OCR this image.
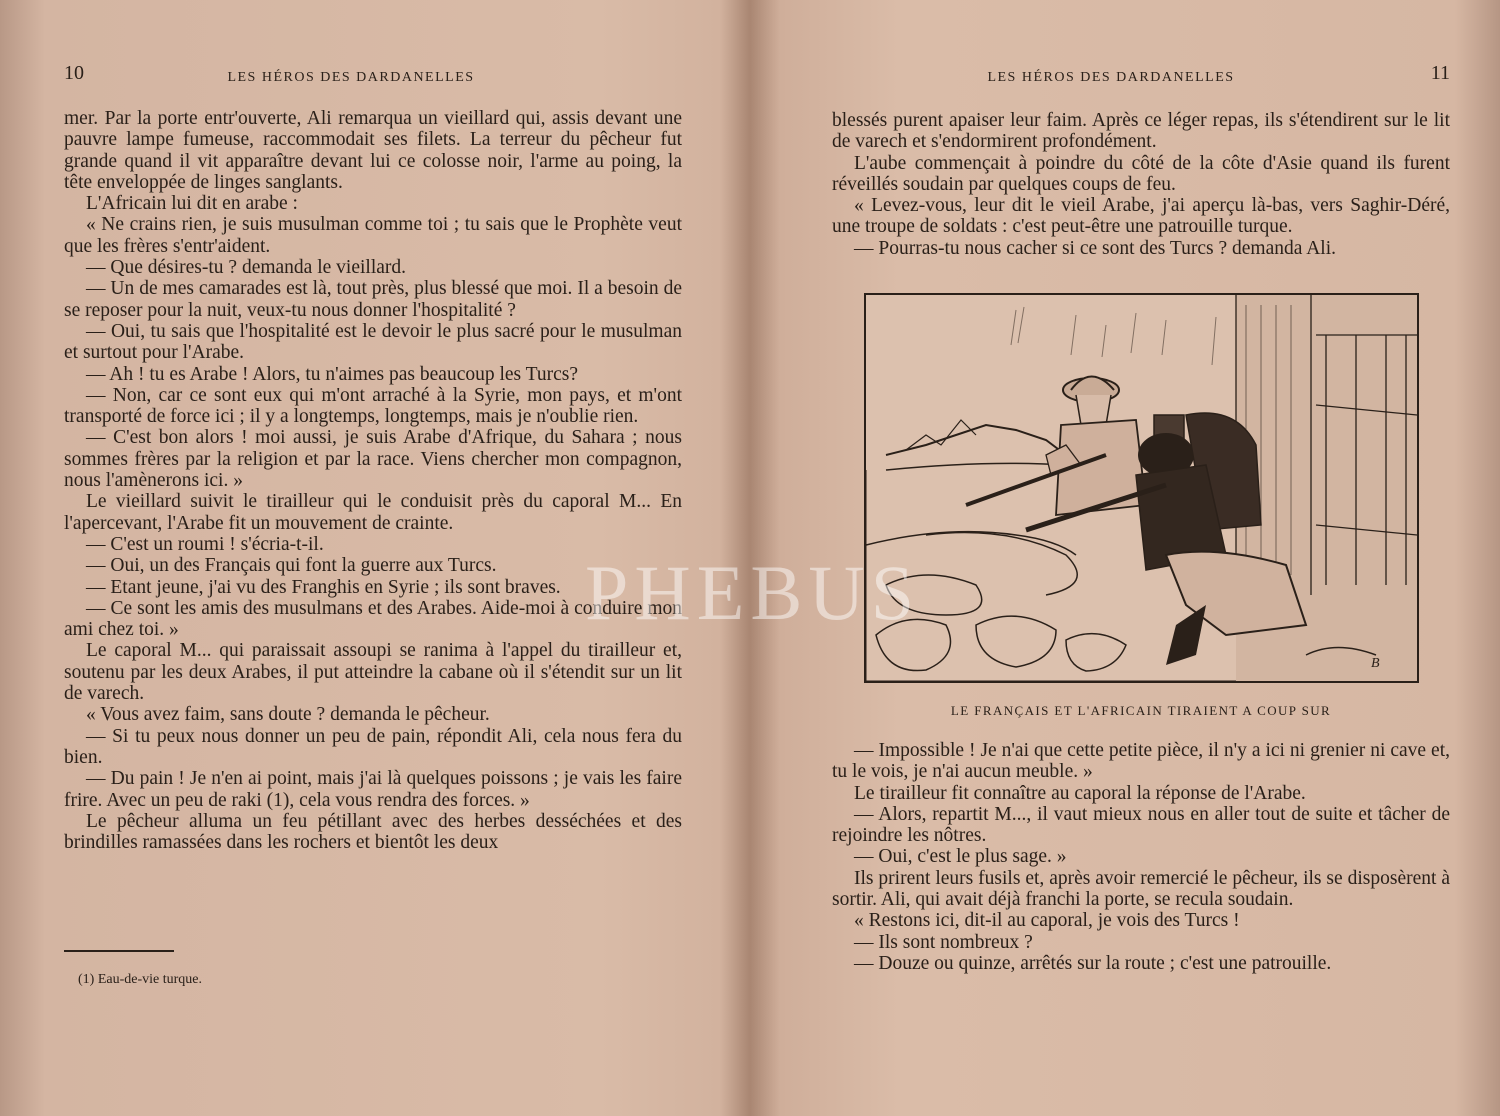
10	LES HÉROS DES DARDANELLES

mer. Par la porte entr'ouverte, Ali remarqua un vieillard qui, assis devant une pauvre lampe fumeuse, raccommodait ses filets. La terreur du pêcheur fut grande quand il vit apparaître devant lui ce colosse noir, l'arme au poing, la tête enveloppée de linges sanglants.

L'Africain lui dit en arabe :

« Ne crains rien, je suis musulman comme toi ; tu sais que le Prophète veut que les frères s'entr'aident.

— Que désires-tu ? demanda le vieillard.

— Un de mes camarades est là, tout près, plus blessé que moi. Il a besoin de se reposer pour la nuit, veux-tu nous donner l'hospitalité ?

— Oui, tu sais que l'hospitalité est le devoir le plus sacré pour le musulman et surtout pour l'Arabe.

— Ah ! tu es Arabe ! Alors, tu n'aimes pas beaucoup les Turcs?

— Non, car ce sont eux qui m'ont arraché à la Syrie, mon pays, et m'ont transporté de force ici ; il y a longtemps, longtemps, mais je n'oublie rien.

— C'est bon alors ! moi aussi, je suis Arabe d'Afrique, du Sahara ; nous sommes frères par la religion et par la race. Viens chercher mon compagnon, nous l'amènerons ici. »

Le vieillard suivit le tirailleur qui le conduisit près du caporal M... En l'apercevant, l'Arabe fit un mouvement de crainte.

— C'est un roumi ! s'écria-t-il.

— Oui, un des Français qui font la guerre aux Turcs.

— Etant jeune, j'ai vu des Franghis en Syrie ; ils sont braves.

— Ce sont les amis des musulmans et des Arabes. Aide-moi à conduire mon ami chez toi. »

Le caporal M... qui paraissait assoupi se ranima à l'appel du tirailleur et, soutenu par les deux Arabes, il put atteindre la cabane où il s'étendit sur un lit de varech.

« Vous avez faim, sans doute ? demanda le pêcheur.

— Si tu peux nous donner un peu de pain, répondit Ali, cela nous fera du bien.

— Du pain ! Je n'en ai point, mais j'ai là quelques poissons ; je vais les faire frire. Avec un peu de raki (1), cela vous rendra des forces. »

Le pêcheur alluma un feu pétillant avec des herbes desséchées et des brindilles ramassées dans les rochers et bientôt les deux

(1) Eau-de-vie turque.
LES HÉROS DES DARDANELLES	11

blessés purent apaiser leur faim. Après ce léger repas, ils s'étendirent sur le lit de varech et s'endormirent profondément.

L'aube commençait à poindre du côté de la côte d'Asie quand ils furent réveillés soudain par quelques coups de feu.

« Levez-vous, leur dit le vieil Arabe, j'ai aperçu là-bas, vers Saghir-Déré, une troupe de soldats : c'est peut-être une patrouille turque.

— Pourras-tu nous cacher si ce sont des Turcs ? demanda Ali.

B
LE FRANÇAIS ET L'AFRICAIN TIRAIENT A COUP SUR

— Impossible ! Je n'ai que cette petite pièce, il n'y a ici ni grenier ni cave et, tu le vois, je n'ai aucun meuble. »

Le tirailleur fit connaître au caporal la réponse de l'Arabe.

— Alors, repartit M..., il vaut mieux nous en aller tout de suite et tâcher de rejoindre les nôtres.

— Oui, c'est le plus sage. »

Ils prirent leurs fusils et, après avoir remercié le pêcheur, ils se disposèrent à sortir. Ali, qui avait déjà franchi la porte, se recula soudain.

« Restons ici, dit-il au caporal, je vois des Turcs !

— Ils sont nombreux ?

— Douze ou quinze, arrêtés sur la route ; c'est une patrouille.

PHEBUS
